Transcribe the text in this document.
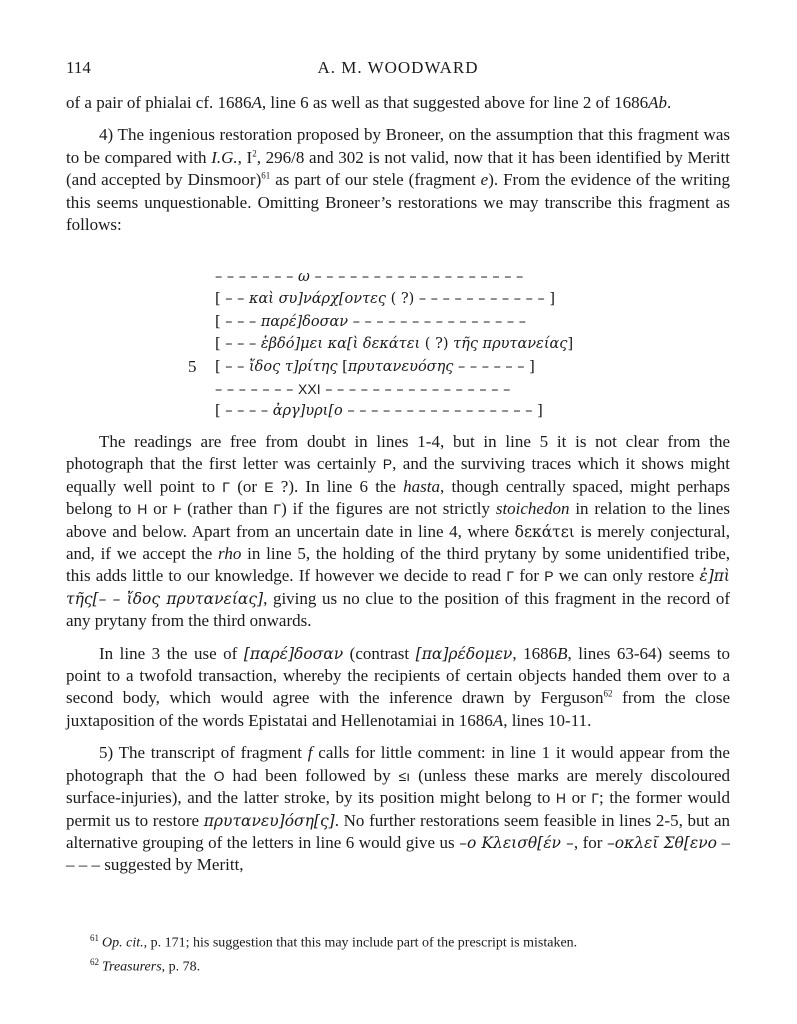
114	A. M. WOODWARD

of a pair of phialai cf. 1686A, line 6 as well as that suggested above for line 2 of 1686Ab.

4) The ingenious restoration proposed by Broneer, on the assumption that this fragment was to be compared with I.G., $I^2$, 296/8 and 302 is not valid, now that it has been identified by Meritt (and accepted by Dinsmoor)$^{61}$ as part of our stele (fragment e). From the evidence of the writing this seems unquestionable. Omitting Broneer’s restorations we may transcribe this fragment as follows:

– – – – – – – ω – – – – – – – – – – – – – – – – – –
[ – – καὶ συ]νάρχ[οντες ( ?) – – – – – – – – – – – ]
[ – – – παρέ]δοσαν – – – – – – – – – – – – – – –
[ – – – ἑβδό]μει κα[ὶ δεκάτει ( ?) τῆς πρυτανείας]
5 [ – – ἴδος τ]ρίτης [πρυτανευόσης – – – – – – ]
– – – – – – – XXI – – – – – – – – – – – – – – – –
[ – – – – ἀργ]υρι[ο – – – – – – – – – – – – – – – – ]

The readings are free from doubt in lines 1-4, but in line 5 it is not clear from the photograph that the first letter was certainly P, and the surviving traces which it shows might equally well point to Γ (or E ?). In line 6 the hasta, though centrally spaced, might perhaps belong to H or Ⱶ (rather than Γ) if the figures are not strictly stoichedon in relation to the lines above and below. Apart from an uncertain date in line 4, where δεκάτει is merely conjectural, and, if we accept the rho in line 5, the holding of the third prytany by some unidentified tribe, this adds little to our knowledge. If however we decide to read Γ for P we can only restore ἐ]πὶ τῆς[– – ἴδος πρυτανείας], giving us no clue to the position of this fragment in the record of any prytany from the third onwards.

In line 3 the use of [παρέ]δοσαν (contrast [πα]ρέδομεν, 1686B, lines 63-64) seems to point to a twofold transaction, whereby the recipients of certain objects handed them over to a second body, which would agree with the inference drawn by Ferguson$^{62}$ from the close juxtaposition of the words Epistatai and Hellenotamiai in 1686A, lines 10-11.

5) The transcript of fragment f calls for little comment: in line 1 it would appear from the photograph that the O had been followed by ≤ı (unless these marks are merely discoloured surface-injuries), and the latter stroke, by its position might belong to H or Γ; the former would permit us to restore πρυτανευ]όση[ς]. No further restorations seem feasible in lines 2-5, but an alternative grouping of the letters in line 6 would give us –ο Κλεισθ[έν –, for –οκλεῖ Σθ[ενο – – – – suggested by Meritt,

$^{61}$ Op. cit., p. 171; his suggestion that this may include part of the prescript is mistaken.

$^{62}$ Treasurers, p. 78.
